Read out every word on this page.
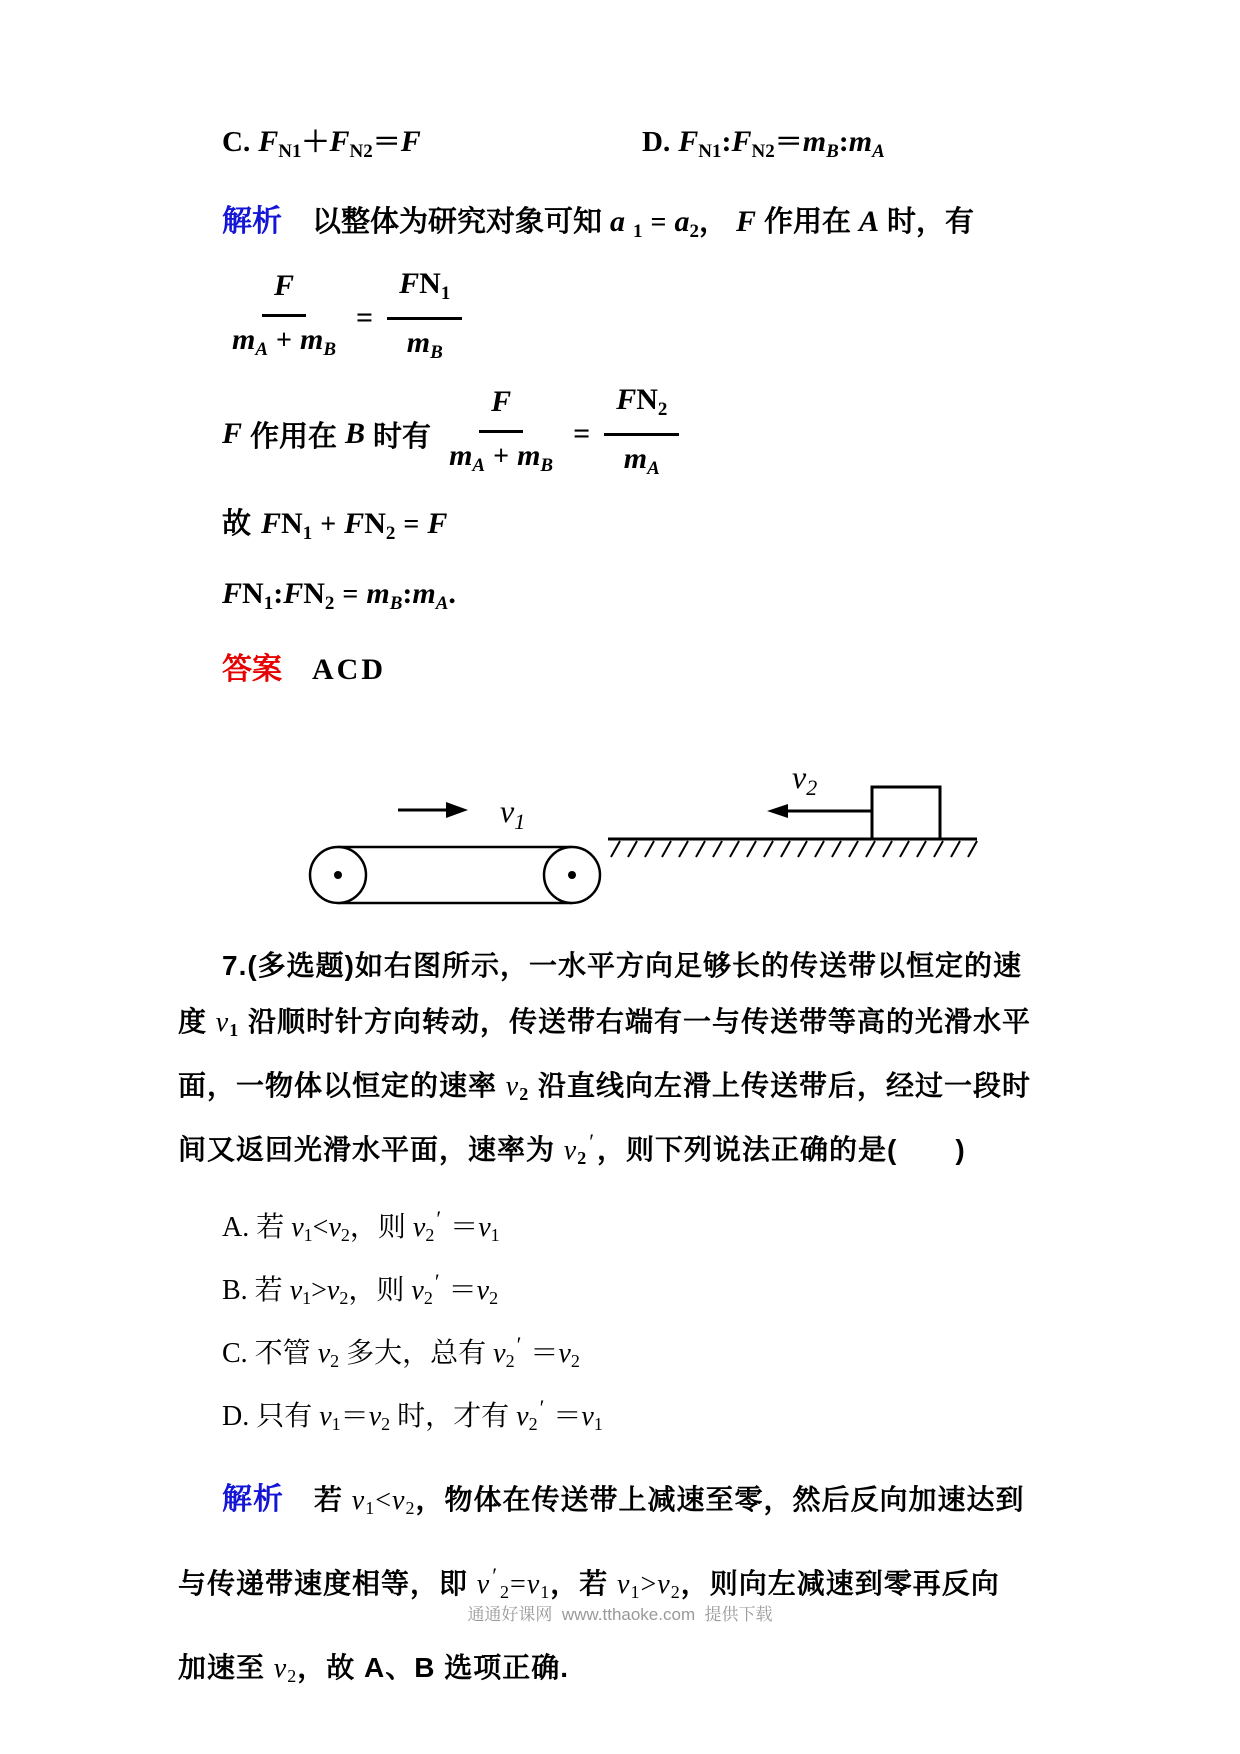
C. $F_{N1}+F_{N2}=F$	D. $F_{N1}:F_{N2}=m_B:m_A$
解析 以整体为研究对象可知 a $_1 = a_2$， F 作用在 A 时，有
$\frac{F}{m_A + m_B} = \frac{FN_1}{m_B}$
F 作用在 B 时有 $\frac{F}{m_A + m_B} = \frac{FN_2}{m_A}$
故 $FN_1 + FN_2 = F$
$FN_1:FN_2$ = $m_B:m_A$.
答案 ACD
$v_1$
$v_2$
7.(多选题)如右图所示，一水平方向足够长的传送带以恒定的速
度 $v_1$ 沿顺时针方向转动，传送带右端有一与传送带等高的光滑水平
面，一物体以恒定的速率 $v_2$ 沿直线向左滑上传送带后，经过一段时
间又返回光滑水平面，速率为 $v_2'$，则下列说法正确的是(　　)
A. 若 $v_1<v_2$，则 $v_2' =v_1$
B. 若 $v_1>v_2$，则 $v_2' =v_2$
C. 不管 $v_2$ 多大，总有 $v_2' =v_2$
D. 只有 $v_1=v_2$ 时，才有 $v_2' =v_1$
解析 若 $v_1<v_2$，物体在传送带上减速至零，然后反向加速达到
与传递带速度相等，即 $v'_2=v_1$，若 $v_1>v_2$，则向左减速到零再反向
加速至 $v_2$，故 A、B 选项正确.
通通好课网  www.tthaoke.com  提供下载
